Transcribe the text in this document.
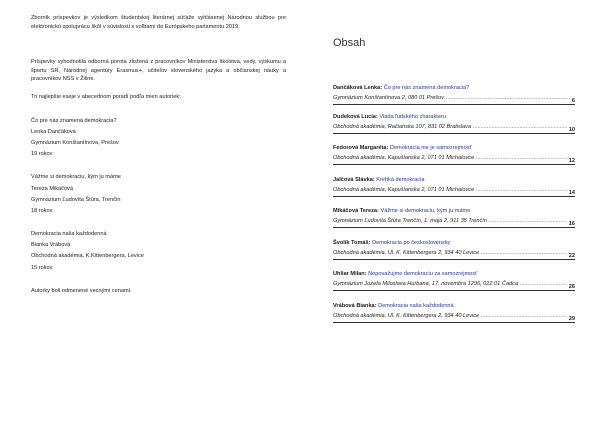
Zborník príspevkov je výsledkom študentskej literárnej súťaže vyhlásenej Národnou službou pre elektronickú spoluprácu škôl v súvislosti s voľbami do Európskeho parlamentu 2019.

Príspevky vyhodnotila odborná porota zložená z pracovníkov Ministerstva školstva, vedy, výskumu a športu SR, Národnej agentúry Erasmus+, učiteľov slovenského jazyka a občianskej náuky a pracovníkov NSS v Žiline.

Tri najlepšie eseje v abecednom poradí podľa mien autoriek:

Čo pre nás znamená demokracia?

Lenka Dančáková

Gymnázium Konštantínova, Prešov

19 rokov

Vážme si demokraciu, kým ju máme

Tereza Mikáčová

Gymnázium Ľudovíta Štúra, Trenčín

18 rokov

Demokracia naša každodenná

Bianka Vrábová

Obchodná akadémia, K.Kittenbergera, Levice

15 rokov

Autorky boli odmenené vecnými cenami.

Obsah
Dančáková Lenka: Čo pre nás znamená demokracia?
Gymnázium Konštantínova 2, 080 01 Prešov .....	6
Dudeková Lucia: Vláda ľudského charakteru
Obchodná akadémia, Račianska 107, 831 02 Bratislava .....	10
Fedorová Margaréta: Demokracia nie je samozrejmosť
Obchodná akadémia, Kapušianska 2, 071 01 Michalovce .....	12
Jalčová Slávka: Krehká demokracia
Obchodná akadémia, Kapušianska 2, 071 01 Michalovce .....	14
Mikáčová Tereza: Vážme si demokraciu, kým ju máme
Gymnázium Ľudovíta Štúra Trenčín, 1. mája 2, 911 35 Trenčín .....	16
Švolík Tomáš: Demokracia po československy
Obchodná akadémia, Ul. K. Kittenbergera 2, 934 40 Levice .....	22
Uhliar Milan: Nepovažujme demokraciu za samozrejmosť
Gymnázium Jozefa Miloslava Hurbana, 17. novembra 1296, 022 01 Čadca .....	26
Vrábová Bianka: Demokracia naša každodenná
Obchodná akadémia, Ul. K. Kittenbergera 2, 934 40 Levice .....	29
